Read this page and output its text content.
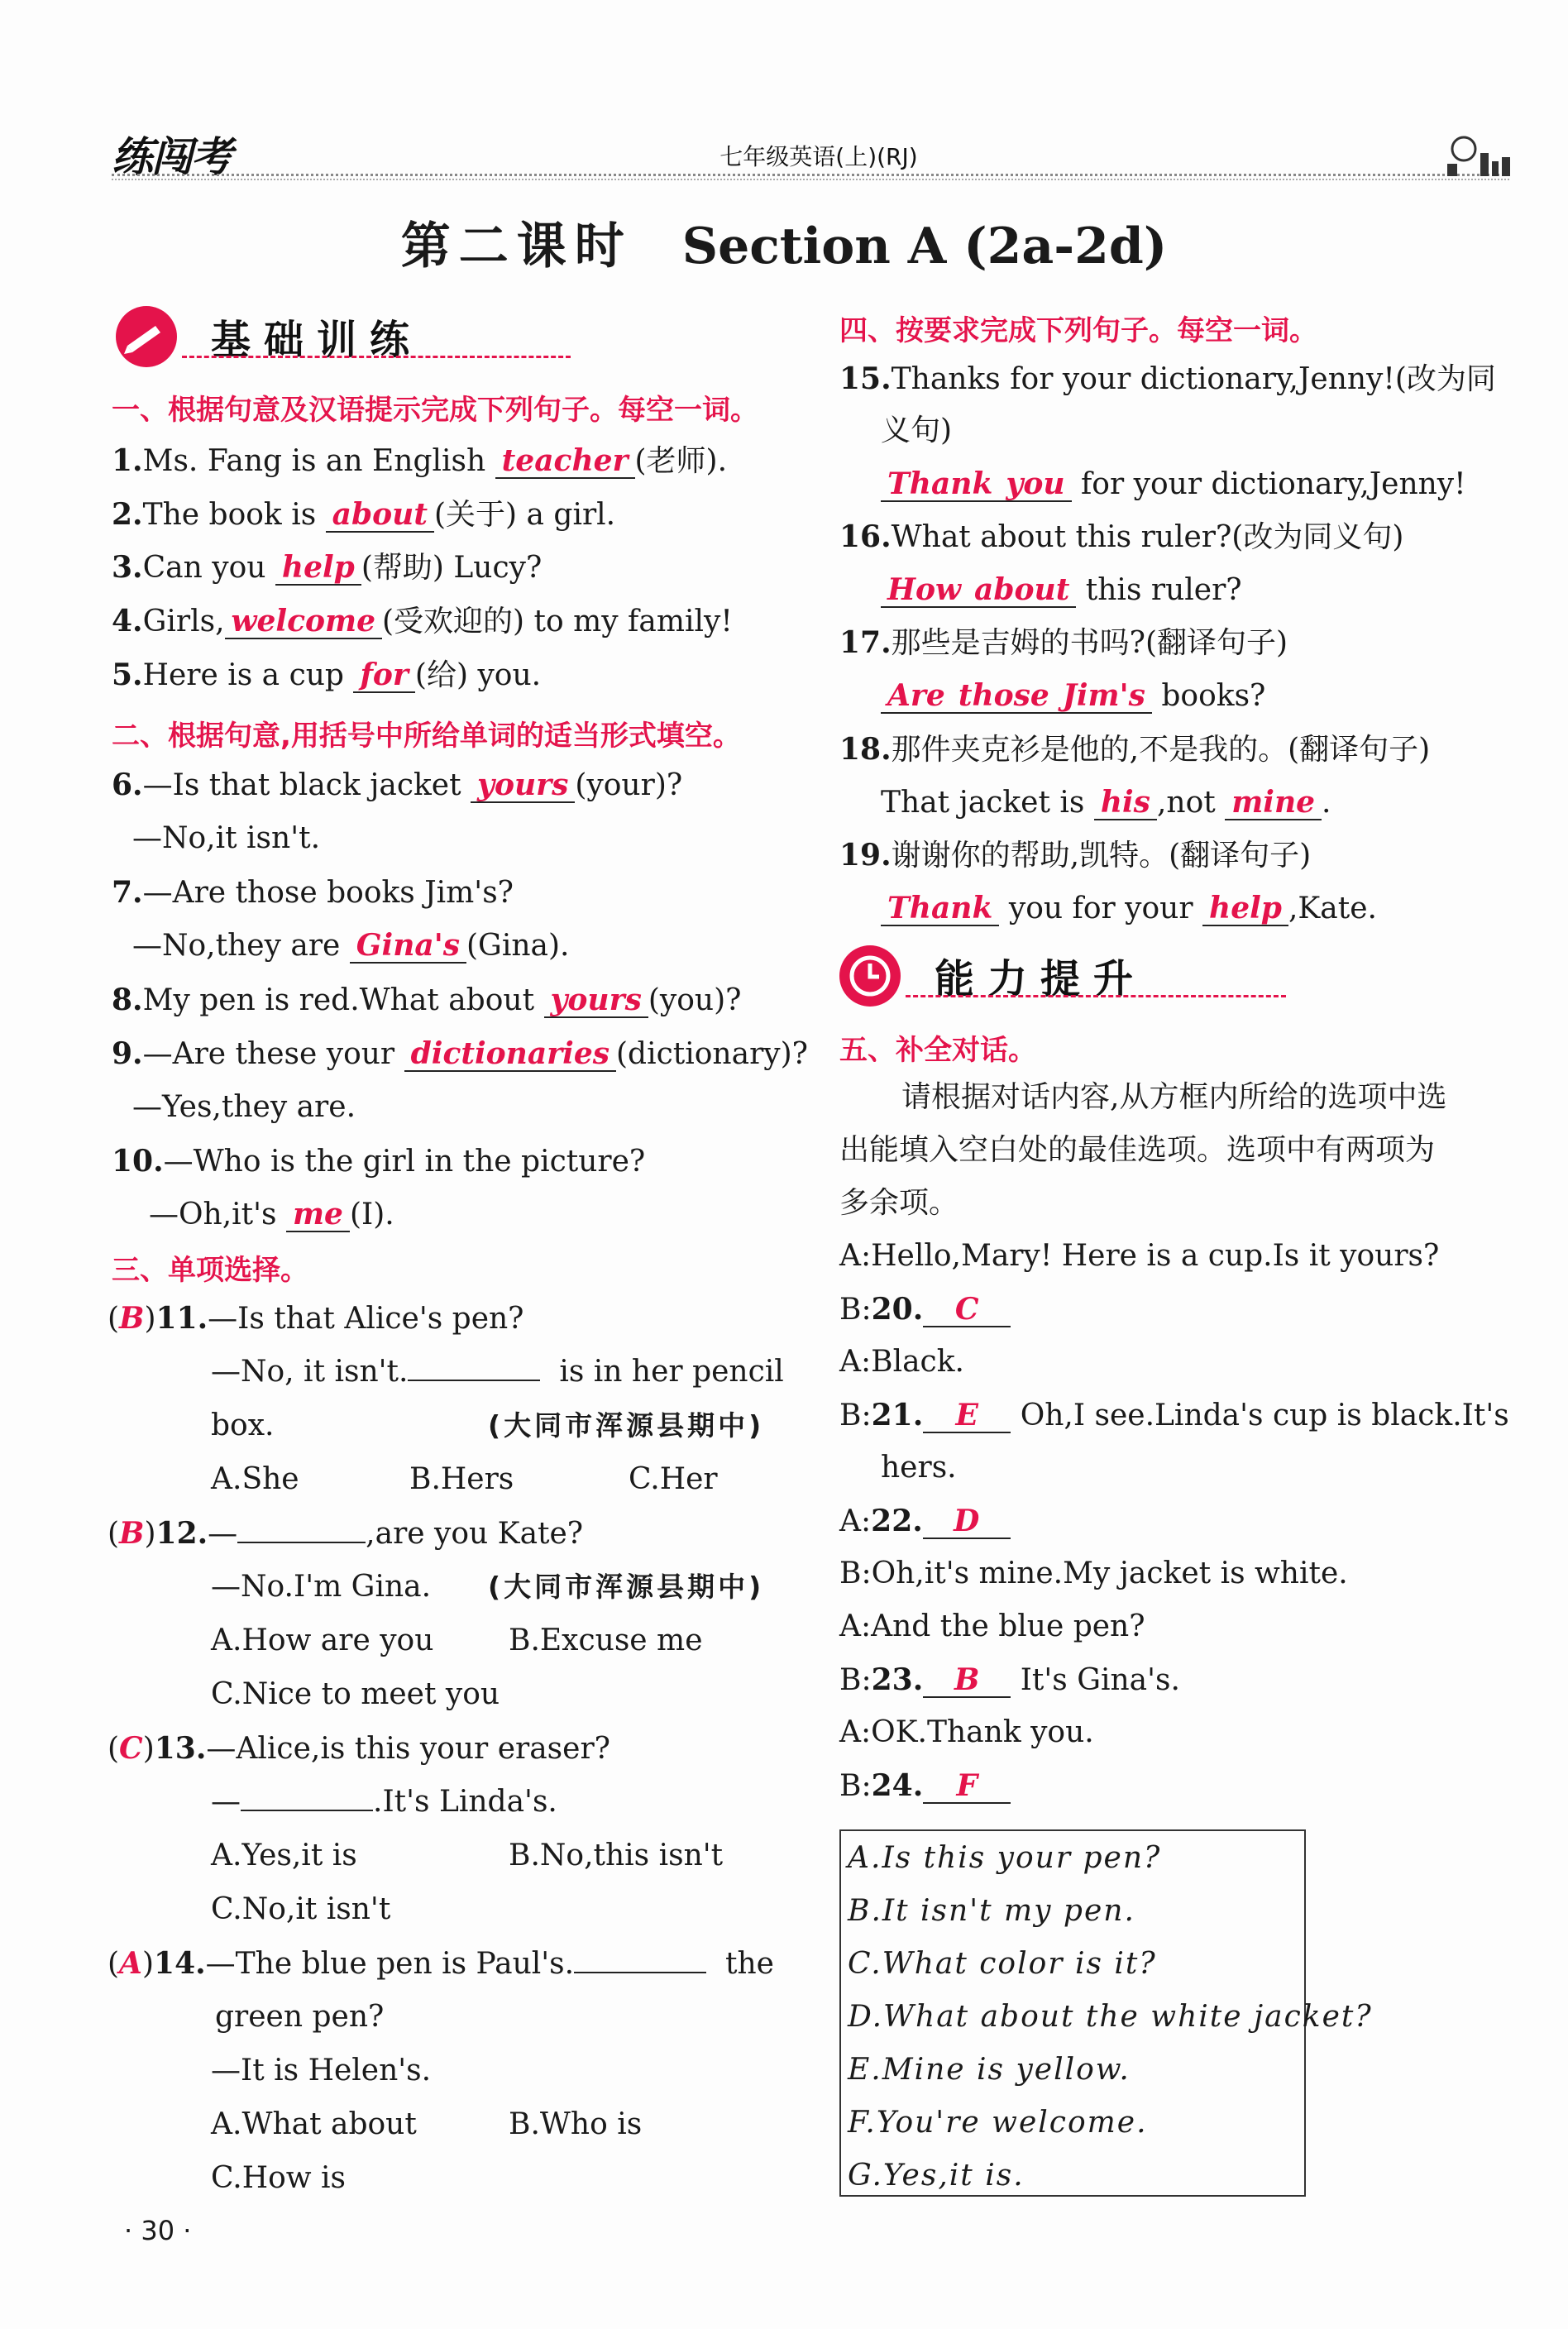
练闯考	七年级英语(上)(RJ)
第二课时 Section A (2a-2d)
基础训练
一、根据句意及汉语提示完成下列句子。每空一词。
1.Ms. Fang is an English teacher (老师).
2.The book is about (关于) a girl.
3.Can you help (帮助) Lucy?
4.Girls, welcome (受欢迎的) to my family!
5.Here is a cup for (给) you.
二、根据句意,用括号中所给单词的适当形式填空。
6.—Is that black jacket yours (your)?
—No,it isn't.
7.—Are those books Jim's?
—No,they are Gina's (Gina).
8.My pen is red.What about yours (you)?
9.—Are these your dictionaries (dictionary)?
—Yes,they are.
10.—Who is the girl in the picture?
—Oh,it's me (I).
三、单项选择。
(B)11.—Is that Alice's pen?
—No, it isn't.	is in her pencil
box.	(大同市浑源县期中)
A.She	B.Hers	C.Her
(B)12.—	,are you Kate?
—No.I'm Gina. (大同市浑源县期中)
A.How are you	B.Excuse me
C.Nice to meet you
(C)13.—Alice,is this your eraser?
—	.It's Linda's.
A.Yes,it is	B.No,this isn't
C.No,it isn't
(A)14.—The blue pen is Paul's.	the
green pen?
—It is Helen's.
A.What about	B.Who is
C.How is
· 30 ·
四、按要求完成下列句子。每空一词。
15.Thanks for your dictionary,Jenny!(改为同
义句)
Thank you for your dictionary,Jenny!
16.What about this ruler?(改为同义句)
How about this ruler?
17.那些是吉姆的书吗?(翻译句子)
Are those Jim's books?
18.那件夹克衫是他的,不是我的。(翻译句子)
That jacket is his ,not mine .
19.谢谢你的帮助,凯特。(翻译句子)
Thank you for your help ,Kate.
能力提升
五、补全对话。
请根据对话内容,从方框内所给的选项中选
出能填入空白处的最佳选项。选项中有两项为
多余项。
A:Hello,Mary! Here is a cup.Is it yours?
B:20. C
A:Black.
B:21. E Oh,I see.Linda's cup is black.It's
hers.
A:22. D
B:Oh,it's mine.My jacket is white.
A:And the blue pen?
B:23. B It's Gina's.
A:OK.Thank you.
B:24. F
A.Is this your pen?
B.It isn't my pen.
C.What color is it?
D.What about the white jacket?
E.Mine is yellow.
F.You're welcome.
G.Yes,it is.
